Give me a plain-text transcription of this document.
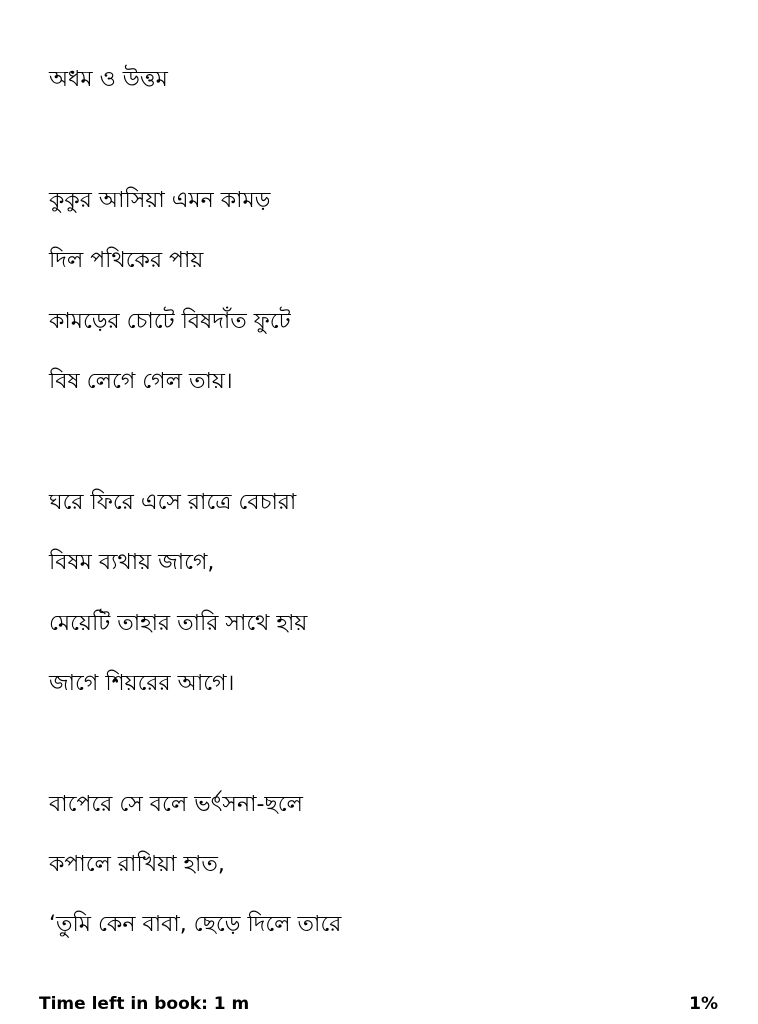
অধম ও উত্তম
কুকুর আসিয়া এমন কামড়
দিল পথিকের পায়
কামড়ের চোটে বিষদাঁত ফুটে
বিষ লেগে গেল তায়।
ঘরে ফিরে এসে রাত্রে বেচারা
বিষম ব্যথায় জাগে,
মেয়েটি তাহার তারি সাথে হায়
জাগে শিয়রের আগে।
বাপেরে সে বলে ভর্ৎসনা-ছলে
কপালে রাখিয়া হাত,
‘তুমি কেন বাবা, ছেড়ে দিলে তারে
Time left in book: 1 m	1%
